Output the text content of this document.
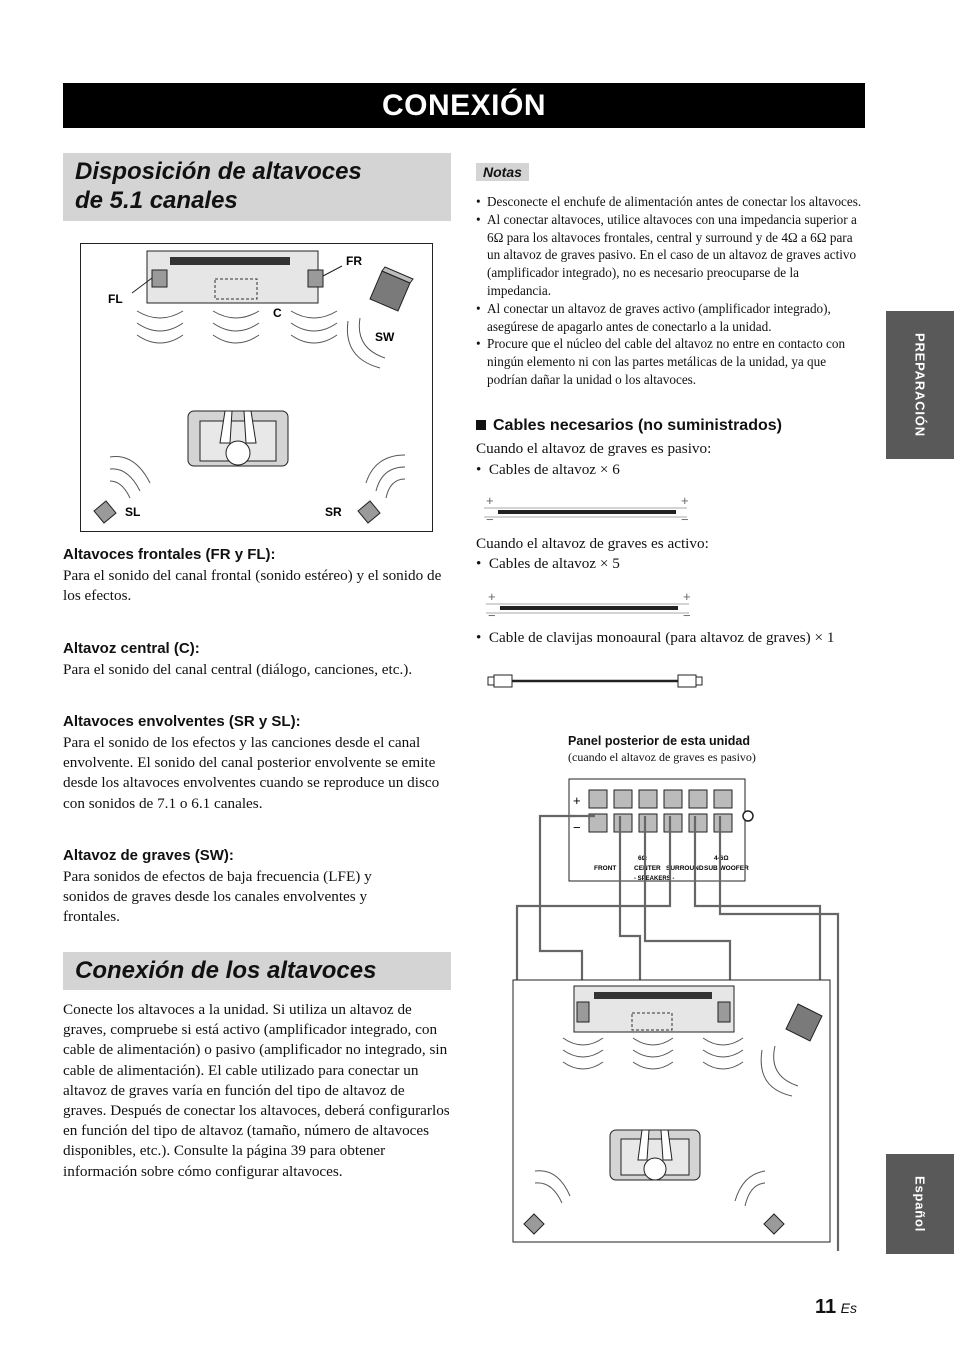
CONEXIÓN
Disposición de altavoces
de 5.1 canales
FR
FL
C
SW
SL	SR
Altavoces frontales (FR y FL):
Para el sonido del canal frontal (sonido estéreo) y el sonido de los efectos.
Altavoz central (C):
Para el sonido del canal central (diálogo, canciones, etc.).
Altavoces envolventes (SR y SL):
Para el sonido de los efectos y las canciones desde el canal envolvente. El sonido del canal posterior envolvente se emite desde los altavoces envolventes cuando se reproduce un disco con sonidos de 7.1 o 6.1 canales.
Altavoz de graves (SW):
Para sonidos de efectos de baja frecuencia (LFE) y sonidos de graves desde los canales envolventes y frontales.
Conexión de los altavoces
Conecte los altavoces a la unidad. Si utiliza un altavoz de graves, compruebe si está activo (amplificador integrado, con cable de alimentación) o pasivo (amplificador no integrado, sin cable de alimentación). El cable utilizado para conectar un altavoz de graves varía en función del tipo de altavoz de graves. Después de conectar los altavoces, deberá configurarlos en función del tipo de altavoz (tamaño, número de altavoces disponibles, etc.). Consulte la página 39 para obtener información sobre cómo configurar altavoces.
Notas
• Desconecte el enchufe de alimentación antes de conectar los altavoces.
• Al conectar altavoces, utilice altavoces con una impedancia superior a 6Ω para los altavoces frontales, central y surround y de 4Ω a 6Ω para un altavoz de graves pasivo. En el caso de un altavoz de graves activo (amplificador integrado), no es necesario preocuparse de la impedancia.
• Al conectar un altavoz de graves activo (amplificador integrado), asegúrese de apagarlo antes de conectarlo a la unidad.
• Procure que el núcleo del cable del altavoz no entre en contacto con ningún elemento ni con las partes metálicas de la unidad, ya que podrían dañar la unidad o los altavoces.
Cables necesarios (no suministrados)
Cuando el altavoz de graves es pasivo:
•  Cables de altavoz × 6
+	+
−	−
Cuando el altavoz de graves es activo:
•  Cables de altavoz × 5
+	+
−	−
•  Cable de clavijas monoaural (para altavoz de graves) × 1
Panel posterior de esta unidad
(cuando el altavoz de graves es pasivo)
+
−
FRONT	CENTER SURROUND SUB WOOFER
6Ω	4-6Ω
- SPEAKERS -
PREPARACIÓN
Español
11 Es
